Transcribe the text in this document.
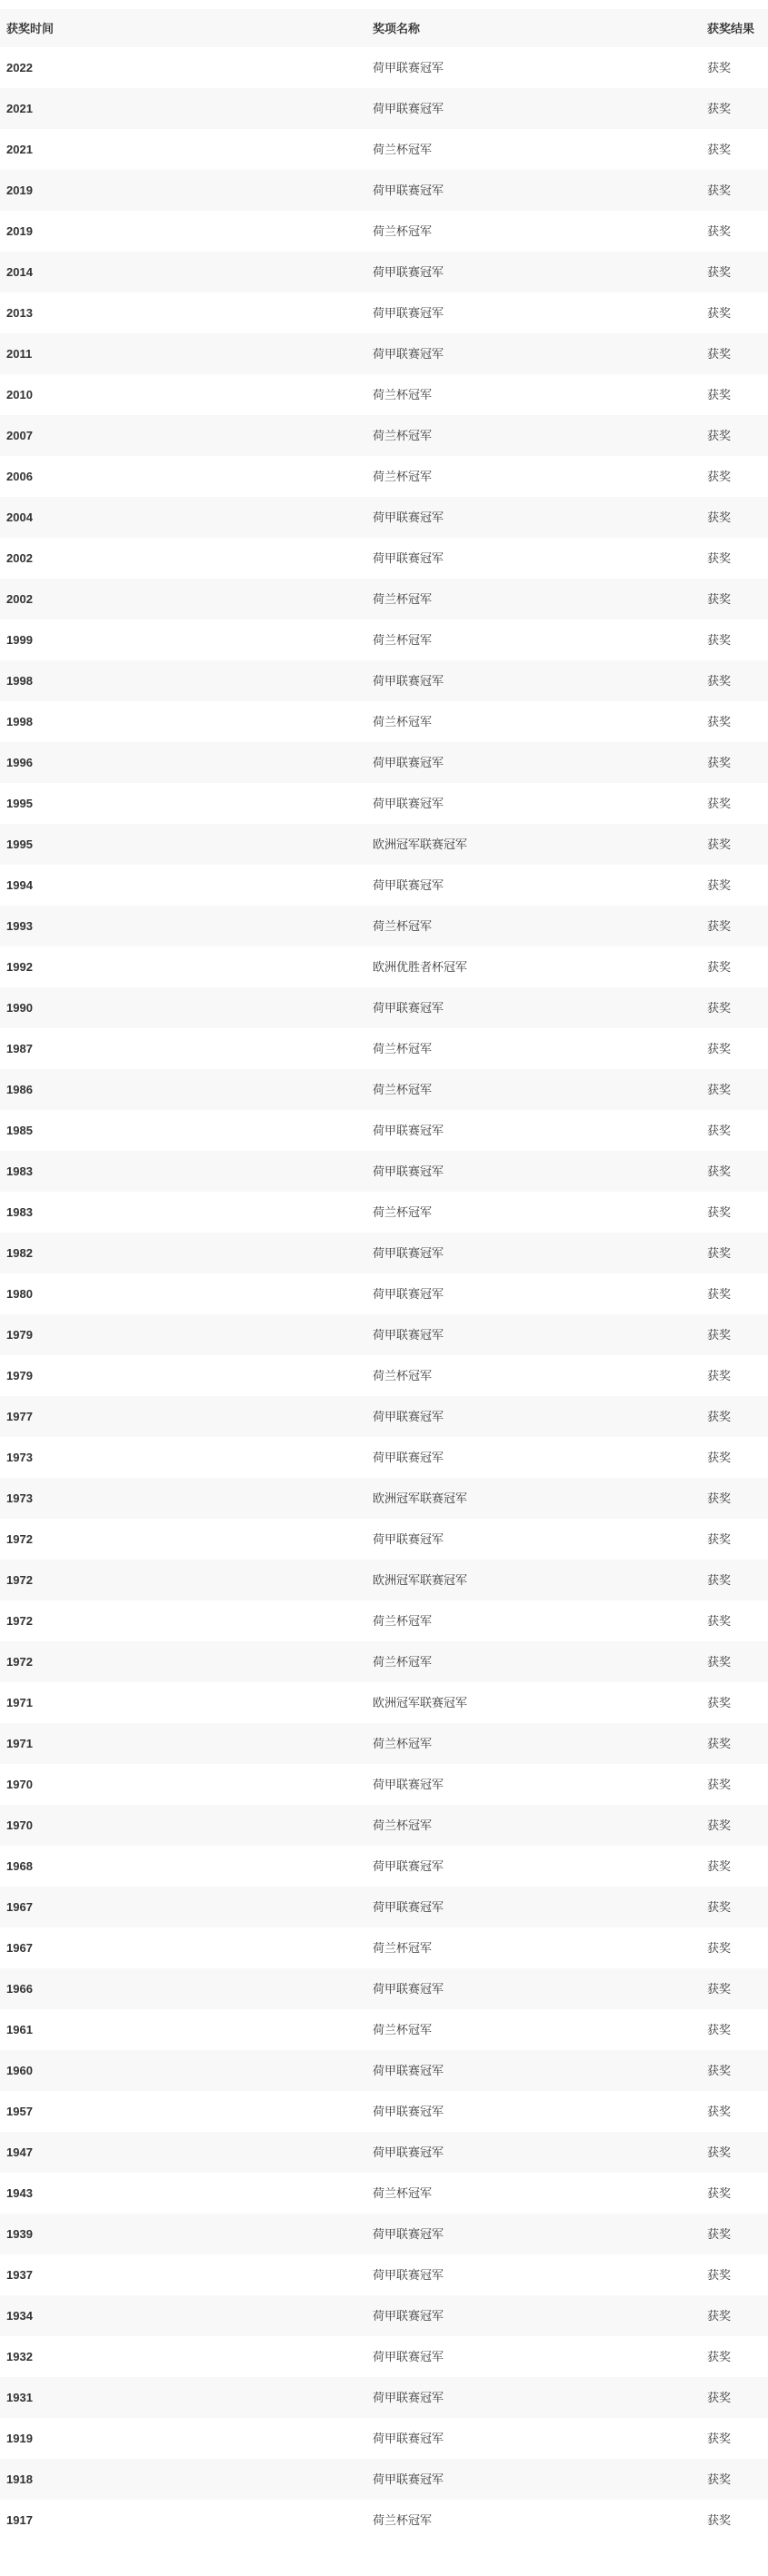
获奖时间	奖项名称	获奖结果
2022	荷甲联赛冠军	获奖
2021	荷甲联赛冠军	获奖
2021	荷兰杯冠军	获奖
2019	荷甲联赛冠军	获奖
2019	荷兰杯冠军	获奖
2014	荷甲联赛冠军	获奖
2013	荷甲联赛冠军	获奖
2011	荷甲联赛冠军	获奖
2010	荷兰杯冠军	获奖
2007	荷兰杯冠军	获奖
2006	荷兰杯冠军	获奖
2004	荷甲联赛冠军	获奖
2002	荷甲联赛冠军	获奖
2002	荷兰杯冠军	获奖
1999	荷兰杯冠军	获奖
1998	荷甲联赛冠军	获奖
1998	荷兰杯冠军	获奖
1996	荷甲联赛冠军	获奖
1995	荷甲联赛冠军	获奖
1995	欧洲冠军联赛冠军	获奖
1994	荷甲联赛冠军	获奖
1993	荷兰杯冠军	获奖
1992	欧洲优胜者杯冠军	获奖
1990	荷甲联赛冠军	获奖
1987	荷兰杯冠军	获奖
1986	荷兰杯冠军	获奖
1985	荷甲联赛冠军	获奖
1983	荷甲联赛冠军	获奖
1983	荷兰杯冠军	获奖
1982	荷甲联赛冠军	获奖
1980	荷甲联赛冠军	获奖
1979	荷甲联赛冠军	获奖
1979	荷兰杯冠军	获奖
1977	荷甲联赛冠军	获奖
1973	荷甲联赛冠军	获奖
1973	欧洲冠军联赛冠军	获奖
1972	荷甲联赛冠军	获奖
1972	欧洲冠军联赛冠军	获奖
1972	荷兰杯冠军	获奖
1972	荷兰杯冠军	获奖
1971	欧洲冠军联赛冠军	获奖
1971	荷兰杯冠军	获奖
1970	荷甲联赛冠军	获奖
1970	荷兰杯冠军	获奖
1968	荷甲联赛冠军	获奖
1967	荷甲联赛冠军	获奖
1967	荷兰杯冠军	获奖
1966	荷甲联赛冠军	获奖
1961	荷兰杯冠军	获奖
1960	荷甲联赛冠军	获奖
1957	荷甲联赛冠军	获奖
1947	荷甲联赛冠军	获奖
1943	荷兰杯冠军	获奖
1939	荷甲联赛冠军	获奖
1937	荷甲联赛冠军	获奖
1934	荷甲联赛冠军	获奖
1932	荷甲联赛冠军	获奖
1931	荷甲联赛冠军	获奖
1919	荷甲联赛冠军	获奖
1918	荷甲联赛冠军	获奖
1917	荷兰杯冠军	获奖
